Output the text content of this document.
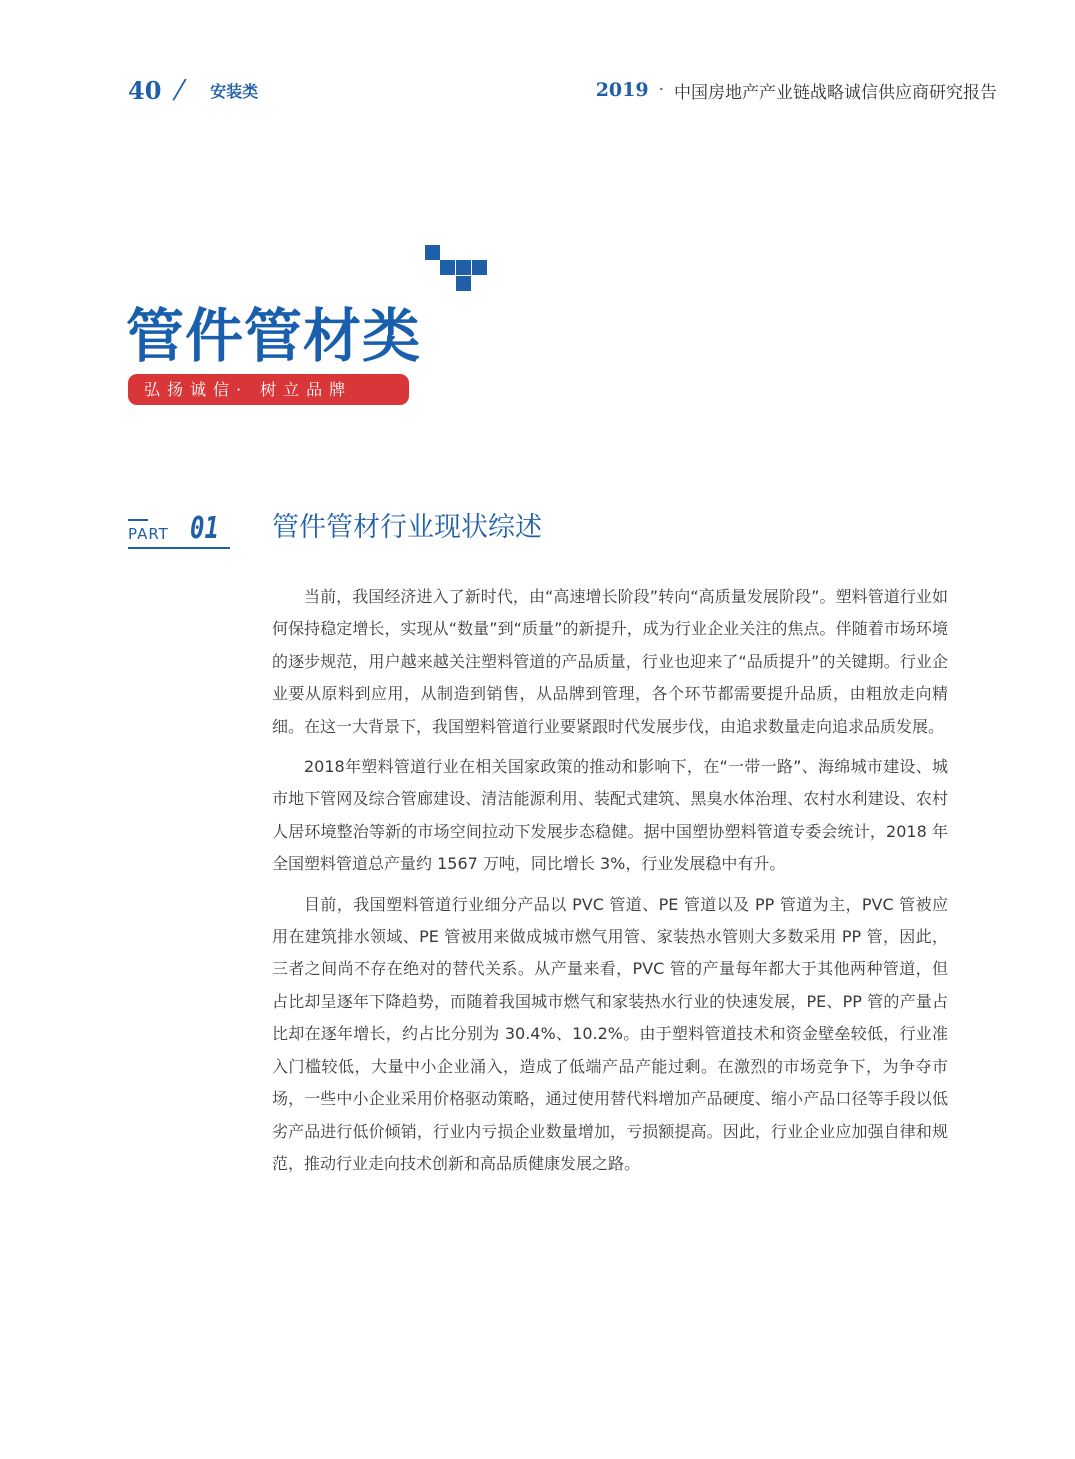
40 / 安装类	2019 · 中国房地产产业链战略诚信供应商研究报告
管件管材类
弘扬诚信· 树立品牌
PART 01 管件管材行业现状综述

当前，我国经济进入了新时代，由“高速增长阶段”转向“高质量发展阶段”。塑料管道行业如何保持稳定增长，实现从“数量”到“质量”的新提升，成为行业企业关注的焦点。伴随着市场环境的逐步规范，用户越来越关注塑料管道的产品质量，行业也迎来了“品质提升”的关键期。行业企业要从原料到应用，从制造到销售，从品牌到管理，各个环节都需要提升品质，由粗放走向精细。在这一大背景下，我国塑料管道行业要紧跟时代发展步伐，由追求数量走向追求品质发展。

2018年塑料管道行业在相关国家政策的推动和影响下，在“一带一路”、海绵城市建设、城市地下管网及综合管廊建设、清洁能源利用、装配式建筑、黑臭水体治理、农村水利建设、农村人居环境整治等新的市场空间拉动下发展步态稳健。据中国塑协塑料管道专委会统计，2018 年全国塑料管道总产量约 1567 万吨，同比增长 3%，行业发展稳中有升。

目前，我国塑料管道行业细分产品以 PVC 管道、PE 管道以及 PP 管道为主，PVC 管被应用在建筑排水领域、PE 管被用来做成城市燃气用管、家装热水管则大多数采用 PP 管，因此，三者之间尚不存在绝对的替代关系。从产量来看，PVC 管的产量每年都大于其他两种管道，但占比却呈逐年下降趋势，而随着我国城市燃气和家装热水行业的快速发展，PE、PP 管的产量占比却在逐年增长，约占比分别为 30.4%、10.2%。由于塑料管道技术和资金壁垒较低，行业准入门槛较低，大量中小企业涌入，造成了低端产品产能过剩。在激烈的市场竞争下，为争夺市场，一些中小企业采用价格驱动策略，通过使用替代料增加产品硬度、缩小产品口径等手段以低劣产品进行低价倾销，行业内亏损企业数量增加，亏损额提高。因此，行业企业应加强自律和规范，推动行业走向技术创新和高品质健康发展之路。
